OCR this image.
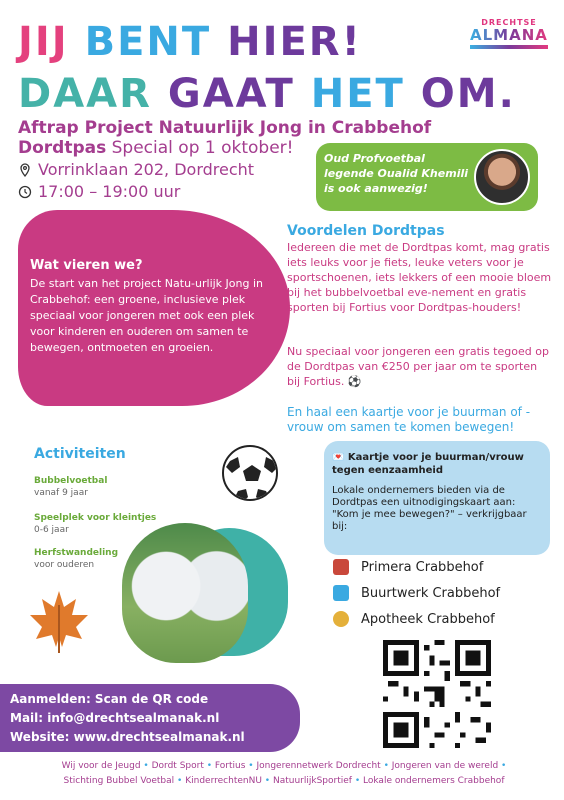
DRECHTSE
ALMANAK
JIJ BENT HIER!
DAAR GAAT HET OM.
Aftrap Project Natuurlijk Jong in Crabbehof
Dordtpas Special op 1 oktober!
Vorrinklaan 202, Dordrecht
17:00 – 19:00 uur
Oud Profvoetbal legende Oualid Khemili is ook aanwezig!
Wat vieren we?
De start van het project Natu-urlijk Jong in Crabbehof: een groene, inclusieve plek speciaal voor jongeren met ook een plek voor kinderen en ouderen om samen te bewegen, ontmoeten en groeien.
Voordelen Dordtpas
Iedereen die met de Dordtpas komt, mag gratis iets leuks voor je fiets, leuke veters voor je sportschoenen, iets lekkers of een mooie bloem bij het bubbelvoetbal eve-nement en gratis sporten bij Fortius voor Dordtpas-houders!
Nu speciaal voor jongeren een gratis tegoed op de Dordtpas van €250 per jaar om te sporten bij Fortius. ⚽
En haal een kaartje voor je buurman of -vrouw om samen te komen bewegen!
Activiteiten
Bubbelvoetbal
vanaf 9 jaar
Speelplek voor kleintjes
0-6 jaar
Herfstwandeling
voor ouderen
💌 Kaartje voor je buurman/vrouw tegen eenzaamheid
Lokale ondernemers bieden via de Dordtpas een uitnodigingskaart aan: "Kom je mee bewegen?" – verkrijgbaar bij:
Primera Crabbehof
Buurtwerk Crabbehof
Apotheek Crabbehof
Aanmelden: Scan de QR code
Mail: info@drechtsealmanak.nl
Website: www.drechtsealmanak.nl
Wij voor de Jeugd • Dordt Sport • Fortius • Jongerennetwerk Dordrecht • Jongeren van de wereld •
Stichting Bubbel Voetbal • KinderrechtenNU • NatuurlijkSportief • Lokale ondernemers Crabbehof
